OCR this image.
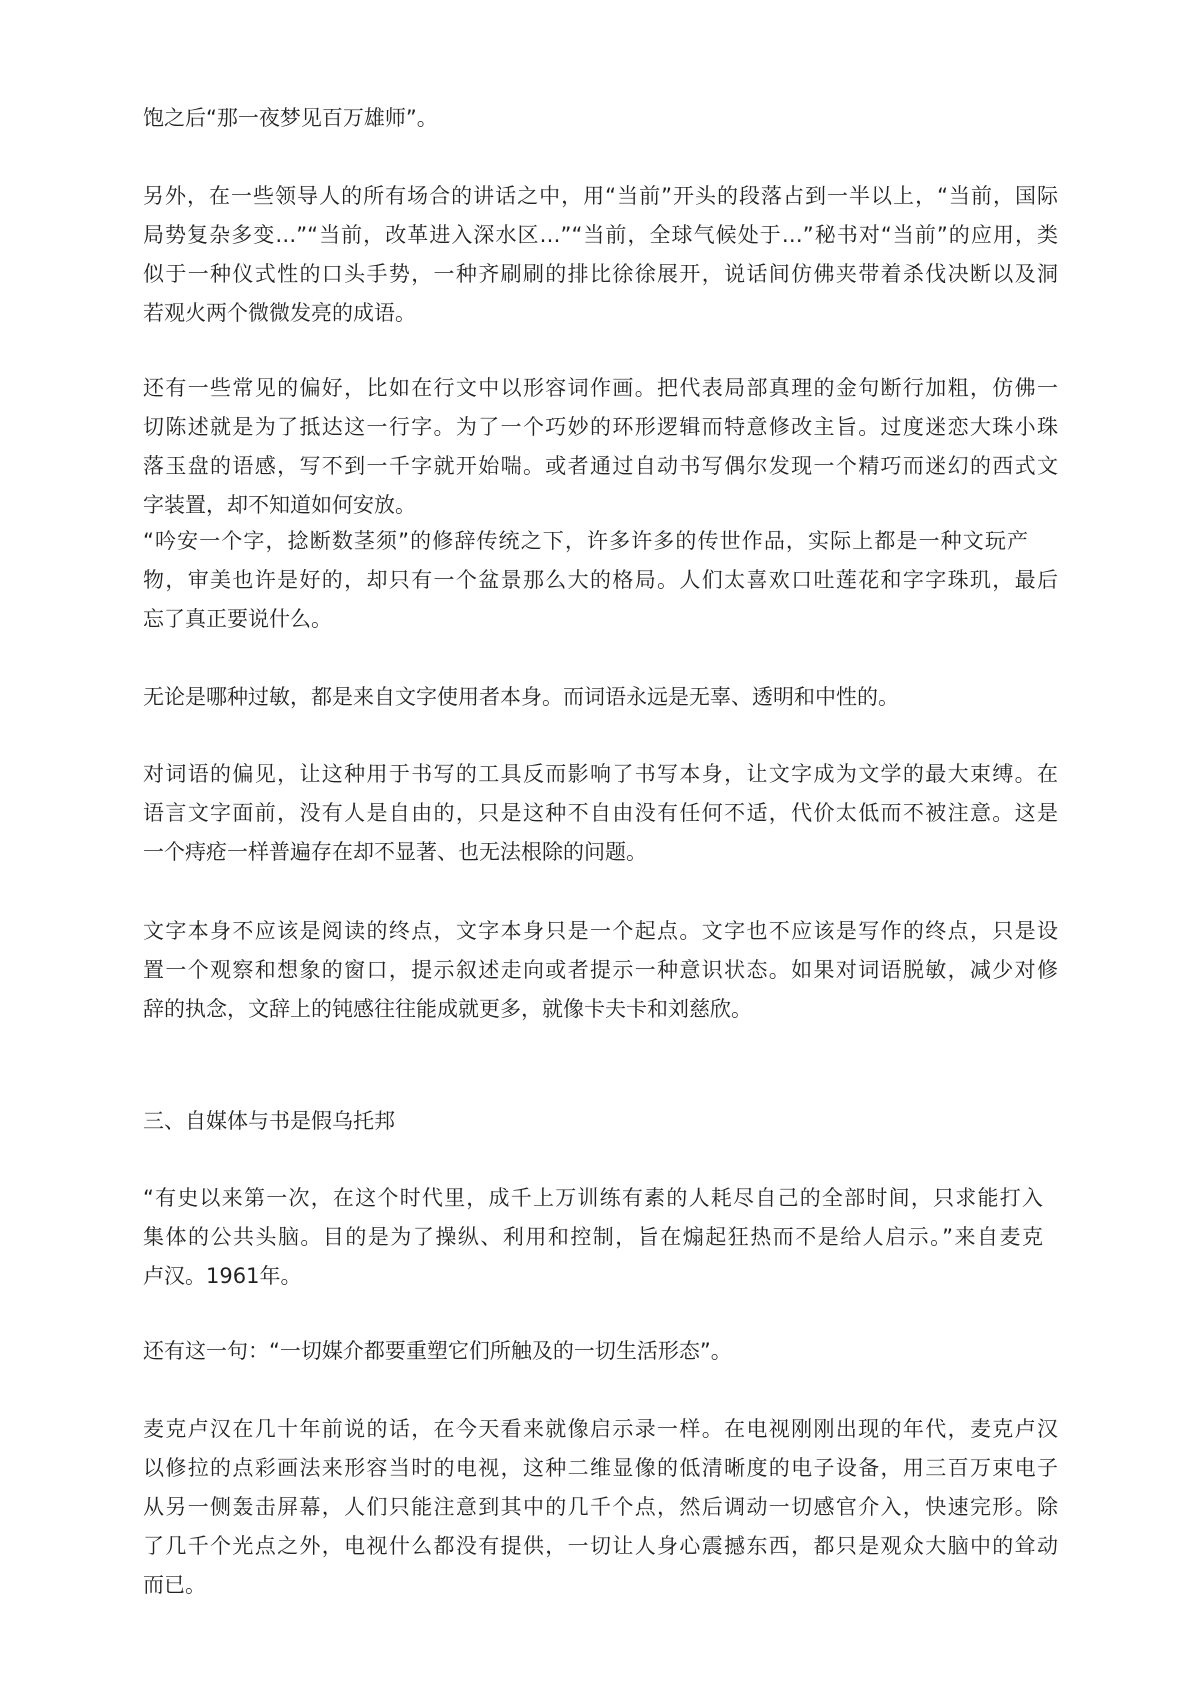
饱之后“那一夜梦见百万雄师”。
另外，在一些领导人的所有场合的讲话之中，用“当前”开头的段落占到一半以上，“当前，国际
局势复杂多变…”“当前，改革进入深水区…”“当前，全球气候处于…”秘书对“当前”的应用，类
似于一种仪式性的口头手势，一种齐刷刷的排比徐徐展开，说话间仿佛夹带着杀伐决断以及洞
若观火两个微微发亮的成语。
还有一些常见的偏好，比如在行文中以形容词作画。把代表局部真理的金句断行加粗，仿佛一
切陈述就是为了抵达这一行字。为了一个巧妙的环形逻辑而特意修改主旨。过度迷恋大珠小珠
落玉盘的语感，写不到一千字就开始喘。或者通过自动书写偶尔发现一个精巧而迷幻的西式文
字装置，却不知道如何安放。
“吟安一个字，捻断数茎须”的修辞传统之下，许多许多的传世作品，实际上都是一种文玩产
物，审美也许是好的，却只有一个盆景那么大的格局。人们太喜欢口吐莲花和字字珠玑，最后
忘了真正要说什么。
无论是哪种过敏，都是来自文字使用者本身。而词语永远是无辜、透明和中性的。
对词语的偏见，让这种用于书写的工具反而影响了书写本身，让文字成为文学的最大束缚。在
语言文字面前，没有人是自由的，只是这种不自由没有任何不适，代价太低而不被注意。这是
一个痔疮一样普遍存在却不显著、也无法根除的问题。
文字本身不应该是阅读的终点，文字本身只是一个起点。文字也不应该是写作的终点，只是设
置一个观察和想象的窗口，提示叙述走向或者提示一种意识状态。如果对词语脱敏，减少对修
辞的执念，文辞上的钝感往往能成就更多，就像卡夫卡和刘慈欣。
三、自媒体与书是假乌托邦
“有史以来第一次，在这个时代里，成千上万训练有素的人耗尽自己的全部时间，只求能打入
集体的公共头脑。目的是为了操纵、利用和控制，旨在煽起狂热而不是给人启示。”来自麦克
卢汉。1961年。
还有这一句：“一切媒介都要重塑它们所触及的一切生活形态”。
麦克卢汉在几十年前说的话，在今天看来就像启示录一样。在电视刚刚出现的年代，麦克卢汉
以修拉的点彩画法来形容当时的电视，这种二维显像的低清晰度的电子设备，用三百万束电子
从另一侧轰击屏幕，人们只能注意到其中的几千个点，然后调动一切感官介入，快速完形。除
了几千个光点之外，电视什么都没有提供，一切让人身心震撼东西，都只是观众大脑中的耸动
而已。
